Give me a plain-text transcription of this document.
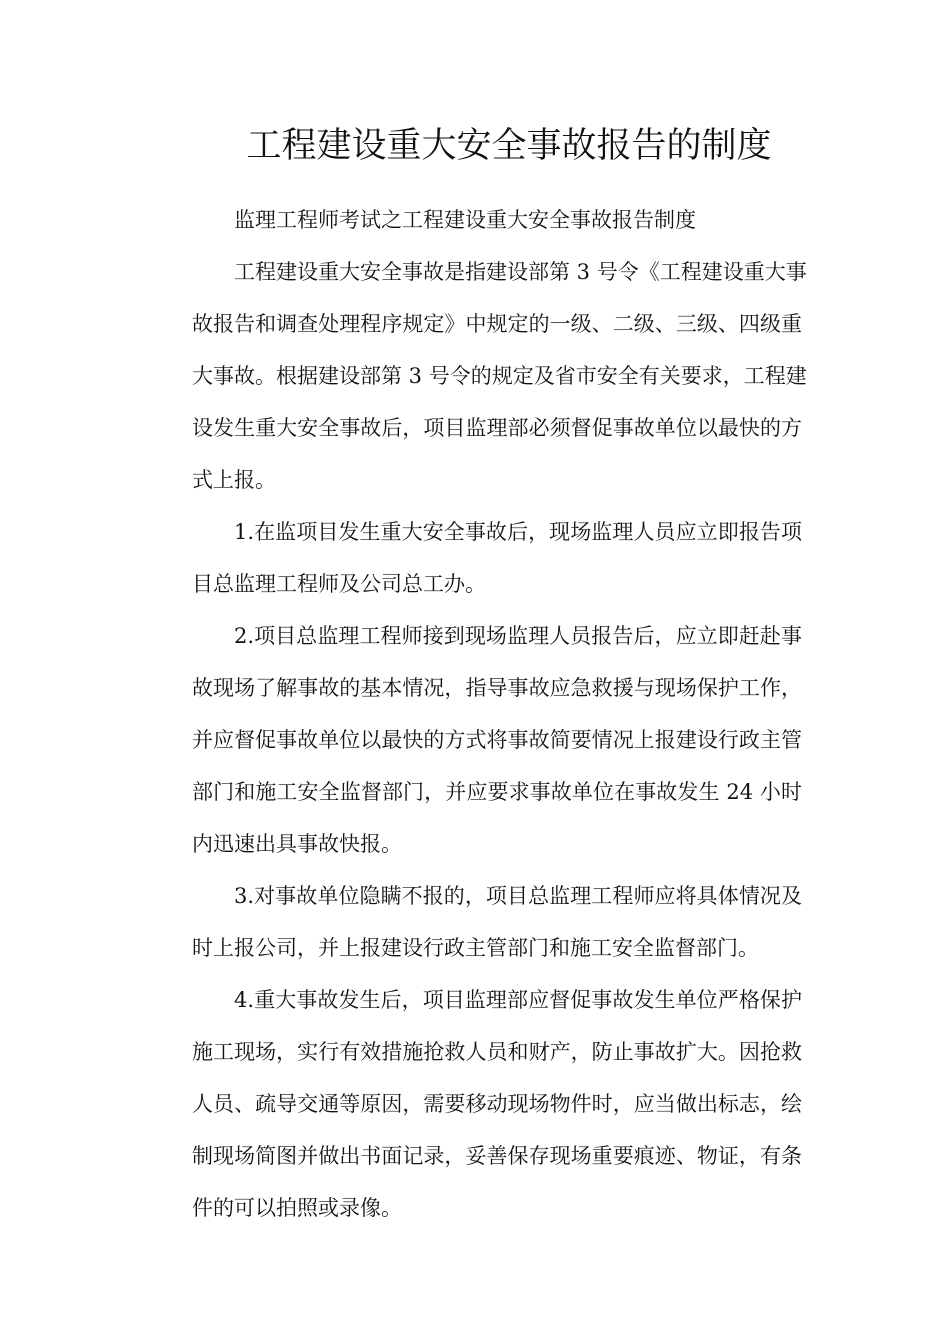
工程建设重大安全事故报告的制度
监理工程师考试之工程建设重大安全事故报告制度
工程建设重大安全事故是指建设部第 3 号令《工程建设重大事
故报告和调查处理程序规定》中规定的一级、二级、三级、四级重
大事故。根据建设部第 3 号令的规定及省市安全有关要求，工程建
设发生重大安全事故后，项目监理部必须督促事故单位以最快的方
式上报。
1.在监项目发生重大安全事故后，现场监理人员应立即报告项
目总监理工程师及公司总工办。
2.项目总监理工程师接到现场监理人员报告后，应立即赶赴事
故现场了解事故的基本情况，指导事故应急救援与现场保护工作，
并应督促事故单位以最快的方式将事故简要情况上报建设行政主管
部门和施工安全监督部门，并应要求事故单位在事故发生 24 小时
内迅速出具事故快报。
3.对事故单位隐瞒不报的，项目总监理工程师应将具体情况及
时上报公司，并上报建设行政主管部门和施工安全监督部门。
4.重大事故发生后，项目监理部应督促事故发生单位严格保护
施工现场，实行有效措施抢救人员和财产，防止事故扩大。因抢救
人员、疏导交通等原因，需要移动现场物件时，应当做出标志，绘
制现场简图并做出书面记录，妥善保存现场重要痕迹、物证，有条
件的可以拍照或录像。
